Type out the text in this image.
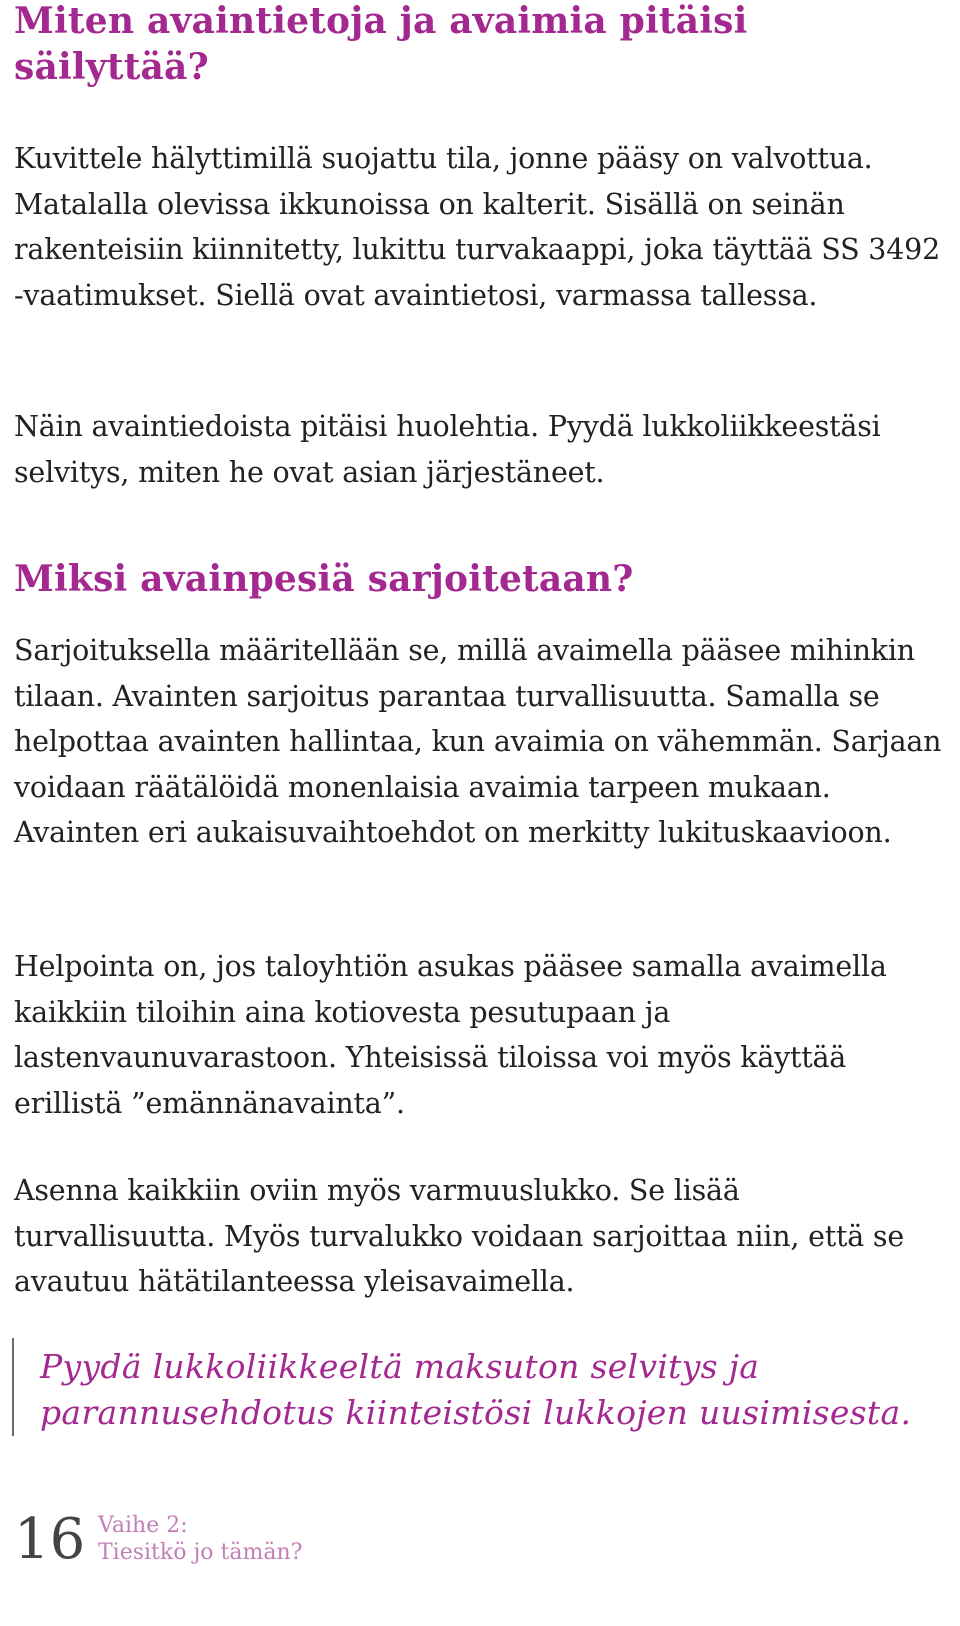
Miten avaintietoja ja avaimia pitäisi säilyttää?

Kuvittele hälyttimillä suojattu tila, jonne pääsy on valvottua. Matalalla olevissa ikkunoissa on kalterit. Sisällä on seinän rakenteisiin kiinnitetty, lukittu turvakaappi, joka täyttää SS 3492 -vaatimukset. Siellä ovat avaintietosi, varmassa tallessa.

Näin avaintiedoista pitäisi huolehtia. Pyydä lukkoliikkeestäsi selvitys, miten he ovat asian järjestäneet.

Miksi avainpesiä sarjoitetaan?

Sarjoituksella määritellään se, millä avaimella pääsee mihinkin tilaan. Avainten sarjoitus parantaa turvallisuutta. Samalla se helpottaa avainten hallintaa, kun avaimia on vähemmän. Sarjaan voidaan räätälöidä monenlaisia avaimia tarpeen mukaan. Avainten eri aukaisuvaihtoehdot on merkitty lukituskaavioon.

Helpointa on, jos taloyhtiön asukas pääsee samalla avaimella kaikkiin tiloihin aina kotiovesta pesutupaan ja lastenvaunuvarastoon. Yhteisissä tiloissa voi myös käyttää erillistä ”emännänavainta”.

Asenna kaikkiin oviin myös varmuuslukko. Se lisää turvallisuutta. Myös turvalukko voidaan sarjoittaa niin, että se avautuu hätätilanteessa yleisavaimella.

Pyydä lukkoliikkeeltä maksuton selvitys ja parannusehdotus kiinteistösi lukkojen uusimisesta.

16 Vaihe 2:
Tiesitkö jo tämän?
